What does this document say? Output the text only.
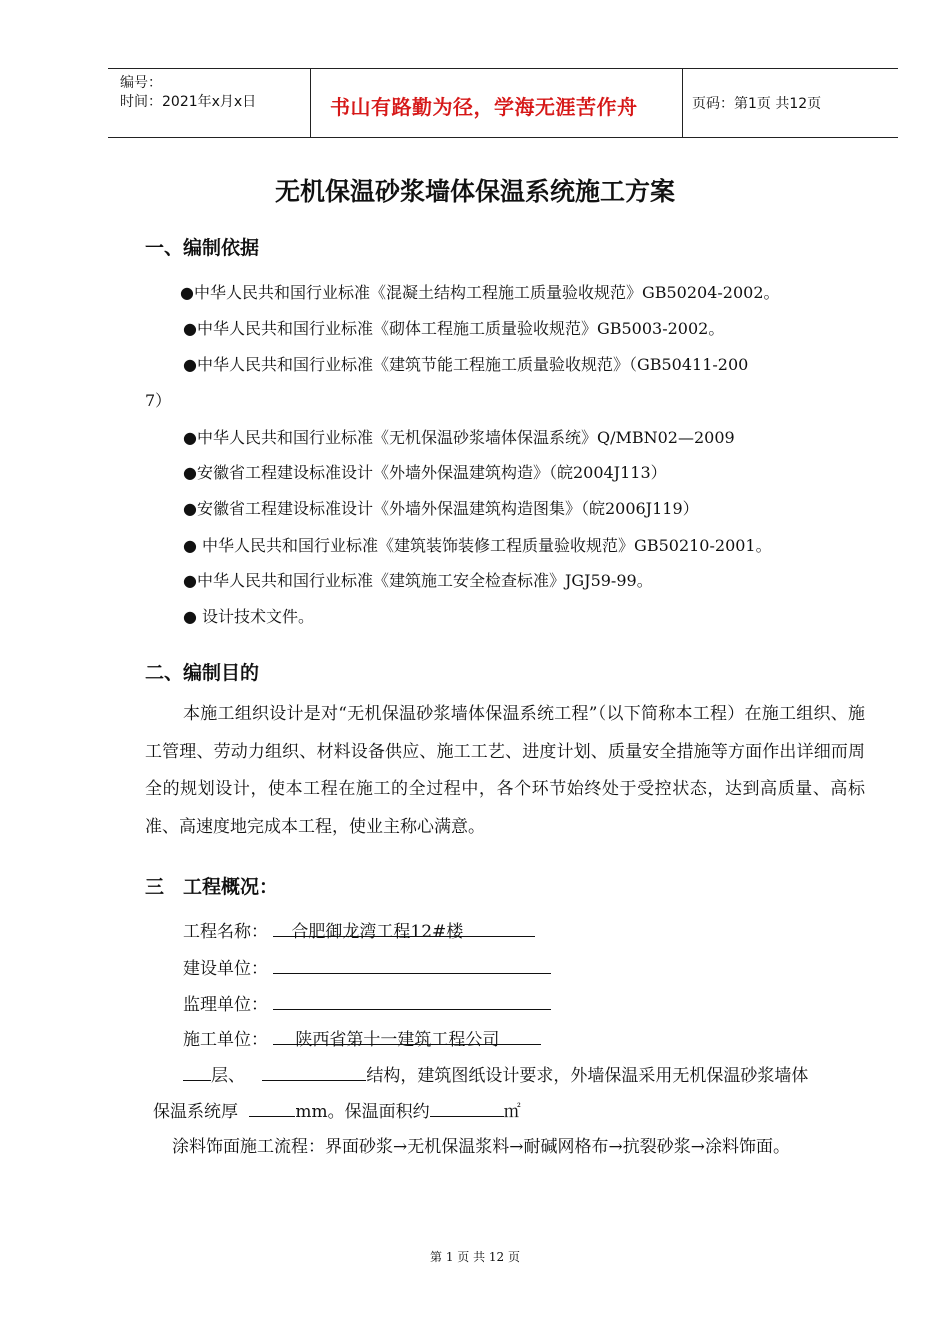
编号：
时间：2021年x月x日	书山有路勤为径，学海无涯苦作舟	页码：第1页 共12页
无机保温砂浆墙体保温系统施工方案
一、编制依据
●中华人民共和国行业标准《混凝土结构工程施工质量验收规范》GB50204-2002。
●中华人民共和国行业标准《砌体工程施工质量验收规范》GB5003-2002。
●中华人民共和国行业标准《建筑节能工程施工质量验收规范》（GB50411-200
7）
●中华人民共和国行业标准《无机保温砂浆墙体保温系统》Q/MBN02—2009
●安徽省工程建设标准设计《外墙外保温建筑构造》（皖2004J113）
●安徽省工程建设标准设计《外墙外保温建筑构造图集》（皖2006J119）
● 中华人民共和国行业标准《建筑装饰装修工程质量验收规范》GB50210-2001。
●中华人民共和国行业标准《建筑施工安全检查标准》JGJ59-99。
● 设计技术文件。
二、编制目的
本施工组织设计是对“无机保温砂浆墙体保温系统工程”（以下简称本工程）在施工组织、施工管理、劳动力组织、材料设备供应、施工工艺、进度计划、质量安全措施等方面作出详细而周全的规划设计，使本工程在施工的全过程中，各个环节始终处于受控状态，达到高质量、高标准、高速度地完成本工程，使业主称心满意。
三　工程概况：
工程名称： 合肥御龙湾工程12#楼
建设单位：
监理单位：
施工单位： 陕西省第十一建筑工程公司
层、	结构，建筑图纸设计要求，外墙保温采用无机保温砂浆墙体
保温系统厚	mm。保温面积约	㎡
涂料饰面施工流程：界面砂浆→无机保温浆料→耐碱网格布→抗裂砂浆→涂料饰面。
第 1 页 共 12 页
